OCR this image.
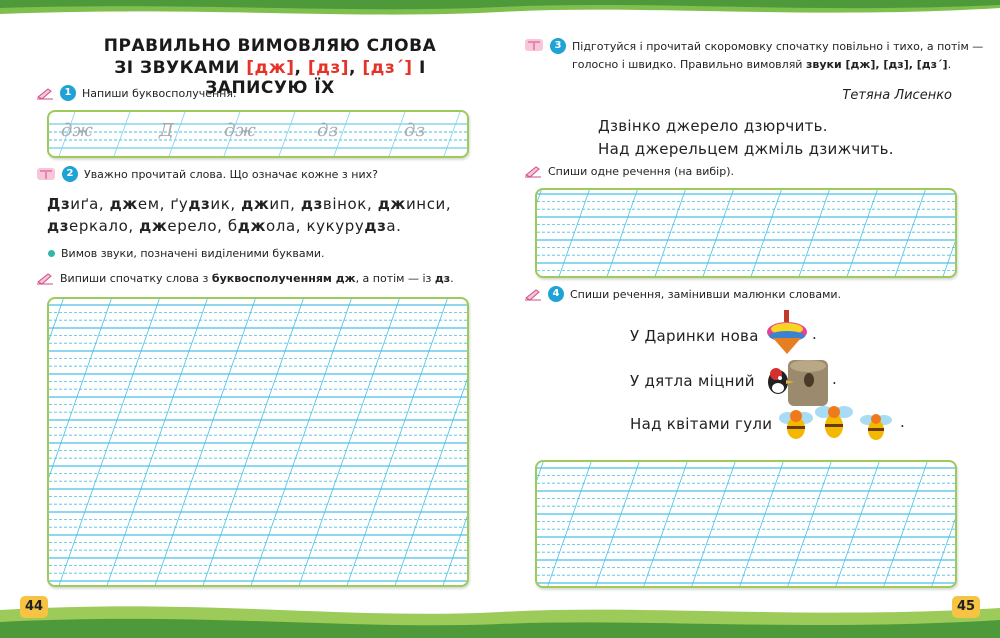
ПРАВИЛЬНО ВИМОВЛЯЮ СЛОВА
ЗІ ЗВУКАМИ [дж], [дз], [дз´] І ЗАПИСУЮ ЇХ
1 Напиши буквосполучення.
дж	Д	дж	дз	дз
2 Уважно прочитай слова. Що означає кожне з них?
Дзиґа, джем, ґудзик, джип, дзвінок, джинси,
дзеркало, джерело, бджола, кукурудза.
Вимов звуки, позначені виділеними буквами.
Випиши спочатку слова з буквосполученням дж, а потім — із дз.
3 Підготуйся і прочитай скоромовку спочатку повільно і тихо, а потім —
голосно і швидко. Правильно вимовляй звуки [дж], [дз], [дз´].
Тетяна Лисенко
Дзвінко джерело дзюрчить.
Над джерельцем джміль дзижчить.
Спиши одне речення (на вибір).
4 Спиши речення, замінивши малюнки словами.
У Даринки нова	.
У дятла міцний	.
Над квітами гули	.
44	45
